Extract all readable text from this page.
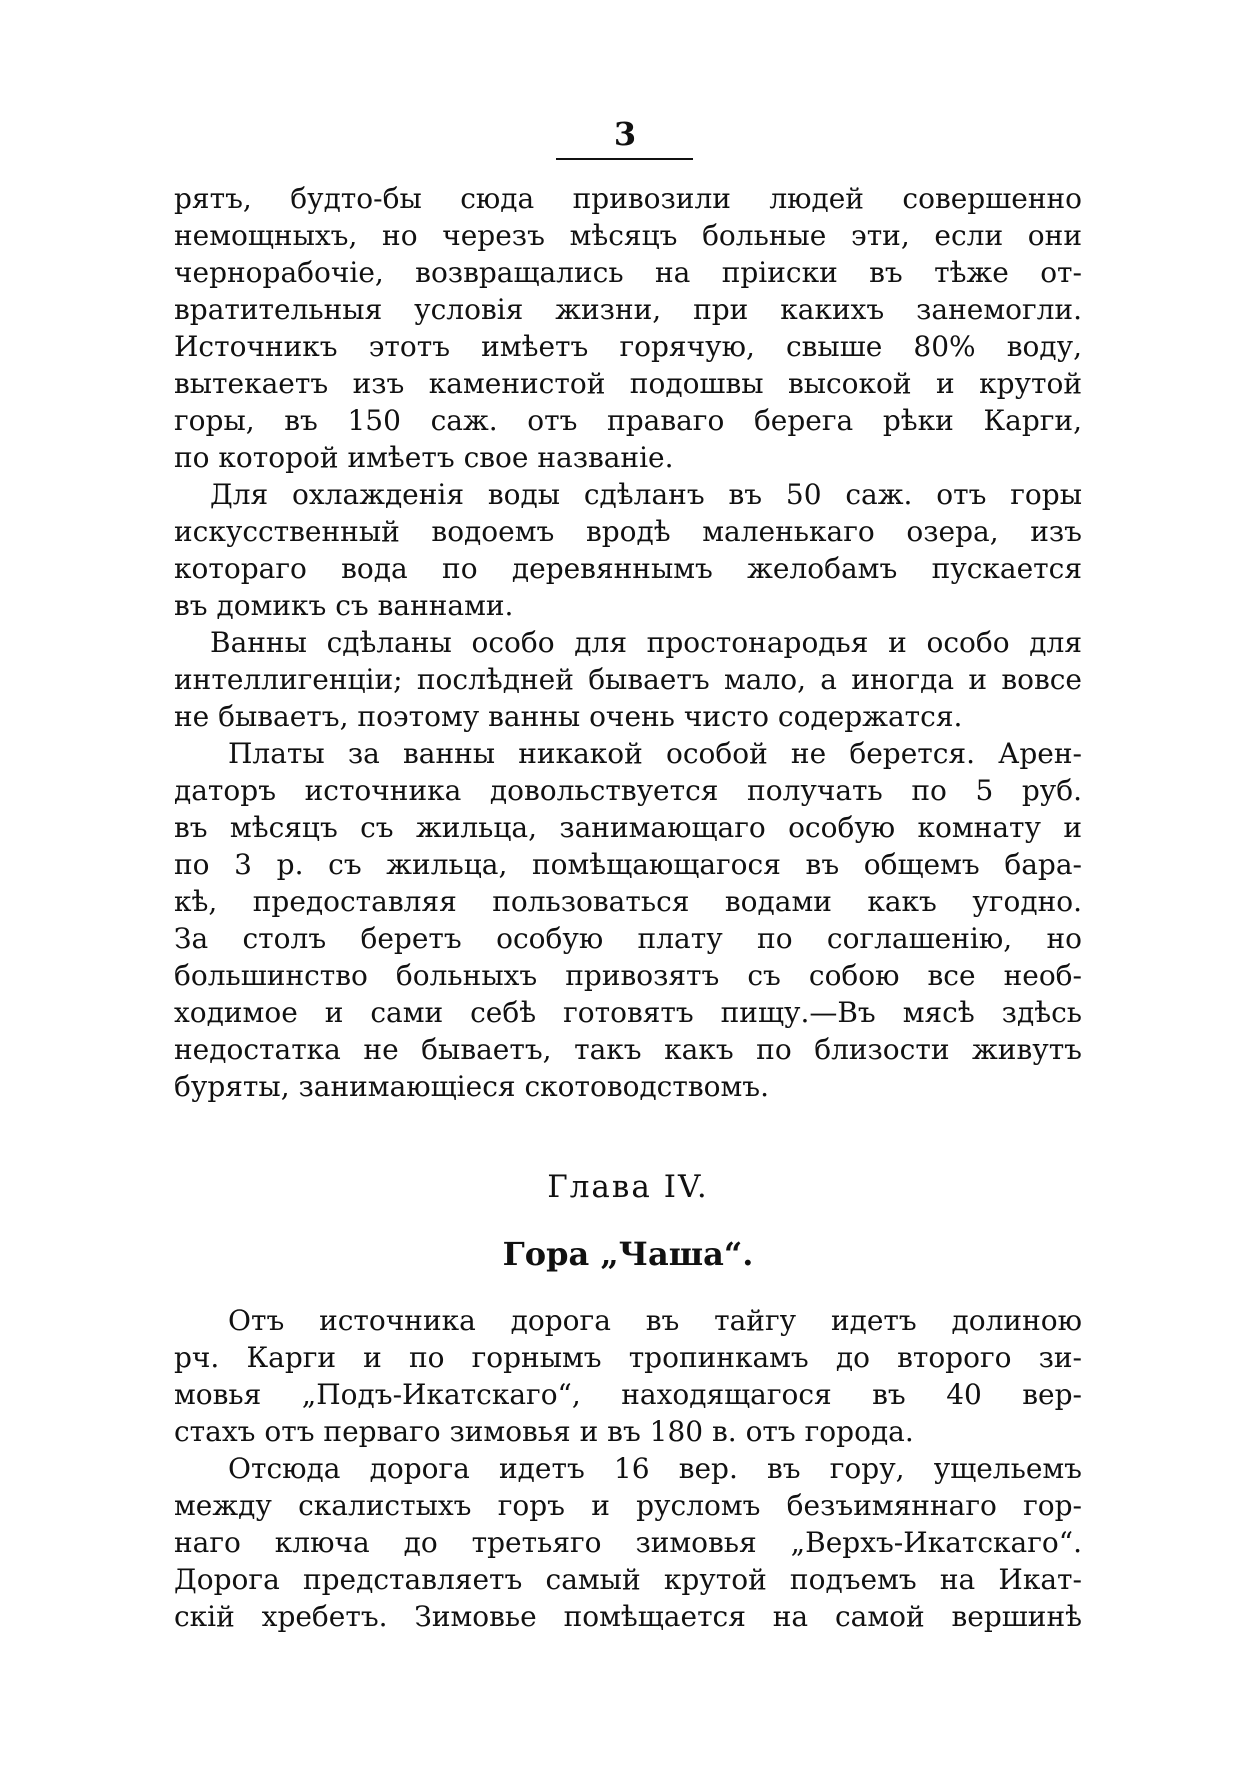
3
рятъ, будто-бы сюда привозили людей совершенно
немощныхъ, но черезъ мѣсяцъ больные эти, если они
чернорабочіе, возвращались на пріиски въ тѣже от-
вратительныя условія жизни, при какихъ занемогли.
Источникъ этотъ имѣетъ горячую, свыше 80% воду,
вытекаетъ изъ каменистой подошвы высокой и крутой
горы, въ 150 саж. отъ праваго берега рѣки Карги,
по которой имѣетъ свое названіе.
Для охлажденія воды сдѣланъ въ 50 саж. отъ горы
искусственный водоемъ вродѣ маленькаго озера, изъ
котораго вода по деревяннымъ желобамъ пускается
въ домикъ съ ваннами.
Ванны сдѣланы особо для простонародья и особо для
интеллигенціи; послѣдней бываетъ мало, а иногда и вовсе
не бываетъ, поэтому ванны очень чисто содержатся.
Платы за ванны никакой особой не берется. Арен-
даторъ источника довольствуется получать по 5 руб.
въ мѣсяцъ съ жильца, занимающаго особую комнату и
по 3 р. съ жильца, помѣщающагося въ общемъ бара-
кѣ, предоставляя пользоваться водами какъ угодно.
За столъ беретъ особую плату по соглашенію, но
большинство больныхъ привозятъ съ собою все необ-
ходимое и сами себѣ готовятъ пищу.—Въ мясѣ здѣсь
недостатка не бываетъ, такъ какъ по близости живутъ
буряты, занимающіеся скотоводствомъ.
Глава IV.
Гора „Чаша“.
Отъ источника дорога въ тайгу идетъ долиною
рч. Карги и по горнымъ тропинкамъ до второго зи-
мовья „Подъ-Икатскаго“, находящагося въ 40 вер-
стахъ отъ перваго зимовья и въ 180 в. отъ города.
Отсюда дорога идетъ 16 вер. въ гору, ущельемъ
между скалистыхъ горъ и русломъ безъимяннаго гор-
наго ключа до третьяго зимовья „Верхъ-Икатскаго“.
Дорога представляетъ самый крутой подъемъ на Икат-
скій хребетъ. Зимовье помѣщается на самой вершинѣ
